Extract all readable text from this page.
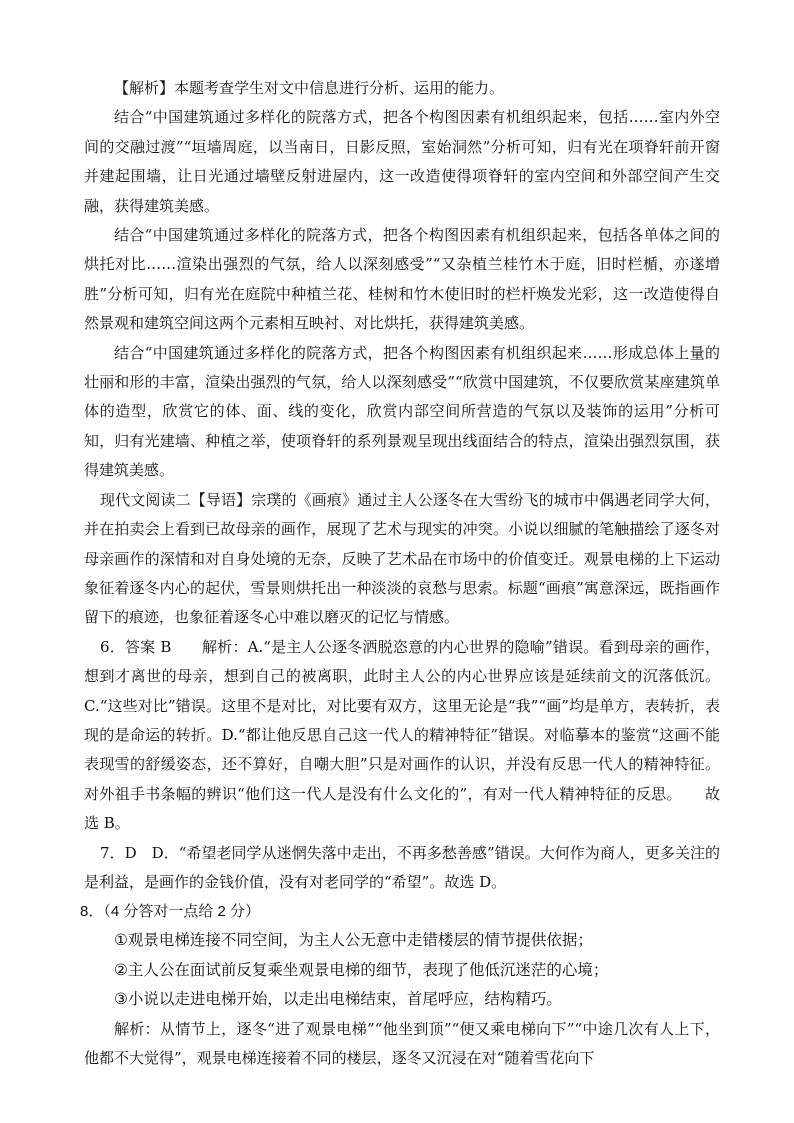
【解析】本题考查学生对文中信息进行分析、运用的能力。

结合“中国建筑通过多样化的院落方式，把各个构图因素有机组织起来，包括……室内外空间的交融过渡”“垣墙周庭，以当南日，日影反照，室始洞然”分析可知，归有光在项脊轩前开窗并建起围墙，让日光通过墙壁反射进屋内，这一改造使得项脊轩的室内空间和外部空间产生交融，获得建筑美感。

结合“中国建筑通过多样化的院落方式，把各个构图因素有机组织起来，包括各单体之间的烘托对比……渲染出强烈的气氛，给人以深刻感受”“又杂植兰桂竹木于庭，旧时栏楯，亦遂增胜”分析可知，归有光在庭院中种植兰花、桂树和竹木使旧时的栏杆焕发光彩，这一改造使得自然景观和建筑空间这两个元素相互映衬、对比烘托，获得建筑美感。

结合“中国建筑通过多样化的院落方式，把各个构图因素有机组织起来……形成总体上量的壮丽和形的丰富，渲染出强烈的气氛，给人以深刻感受”“欣赏中国建筑，不仅要欣赏某座建筑单体的造型，欣赏它的体、面、线的变化，欣赏内部空间所营造的气氛以及装饰的运用”分析可知，归有光建墙、种植之举，使项脊轩的系列景观呈现出线面结合的特点，渲染出强烈氛围，获得建筑美感。

现代文阅读二【导语】宗璞的《画痕》通过主人公逐冬在大雪纷飞的城市中偶遇老同学大何，并在拍卖会上看到已故母亲的画作，展现了艺术与现实的冲突。小说以细腻的笔触描绘了逐冬对母亲画作的深情和对自身处境的无奈，反映了艺术品在市场中的价值变迁。观景电梯的上下运动象征着逐冬内心的起伏，雪景则烘托出一种淡淡的哀愁与思索。标题“画痕”寓意深远，既指画作留下的痕迹，也象征着逐冬心中难以磨灭的记忆与情感。

6．答案 B　　解析：A.“是主人公逐冬洒脱恣意的内心世界的隐喻”错误。看到母亲的画作，想到才离世的母亲，想到自己的被离职，此时主人公的内心世界应该是延续前文的沉落低沉。C.“这些对比”错误。这里不是对比，对比要有双方，这里无论是“我”“画”均是单方，表转折，表现的是命运的转折。D.“都让他反思自己这一代人的精神特征”错误。对临摹本的鉴赏“这画不能表现雪的舒缓姿态，还不算好，自嘲大胆”只是对画作的认识，并没有反思一代人的精神特征。对外祖手书条幅的辨识“他们这一代人是没有什么文化的”，有对一代人精神特征的反思。　　故选 B。

7．D　D．“希望老同学从迷惘失落中走出，不再多愁善感”错误。大何作为商人，更多关注的是利益，是画作的金钱价值，没有对老同学的“希望”。故选 D。

8．（4 分答对一点给 2 分）

①观景电梯连接不同空间，为主人公无意中走错楼层的情节提供依据；

②主人公在面试前反复乘坐观景电梯的细节，表现了他低沉迷茫的心境；

③小说以走进电梯开始，以走出电梯结束，首尾呼应，结构精巧。

解析：从情节上，逐冬“进了观景电梯”“他坐到顶”“便又乘电梯向下”“中途几次有人上下，他都不大觉得”，观景电梯连接着不同的楼层，逐冬又沉浸在对“随着雪花向下
